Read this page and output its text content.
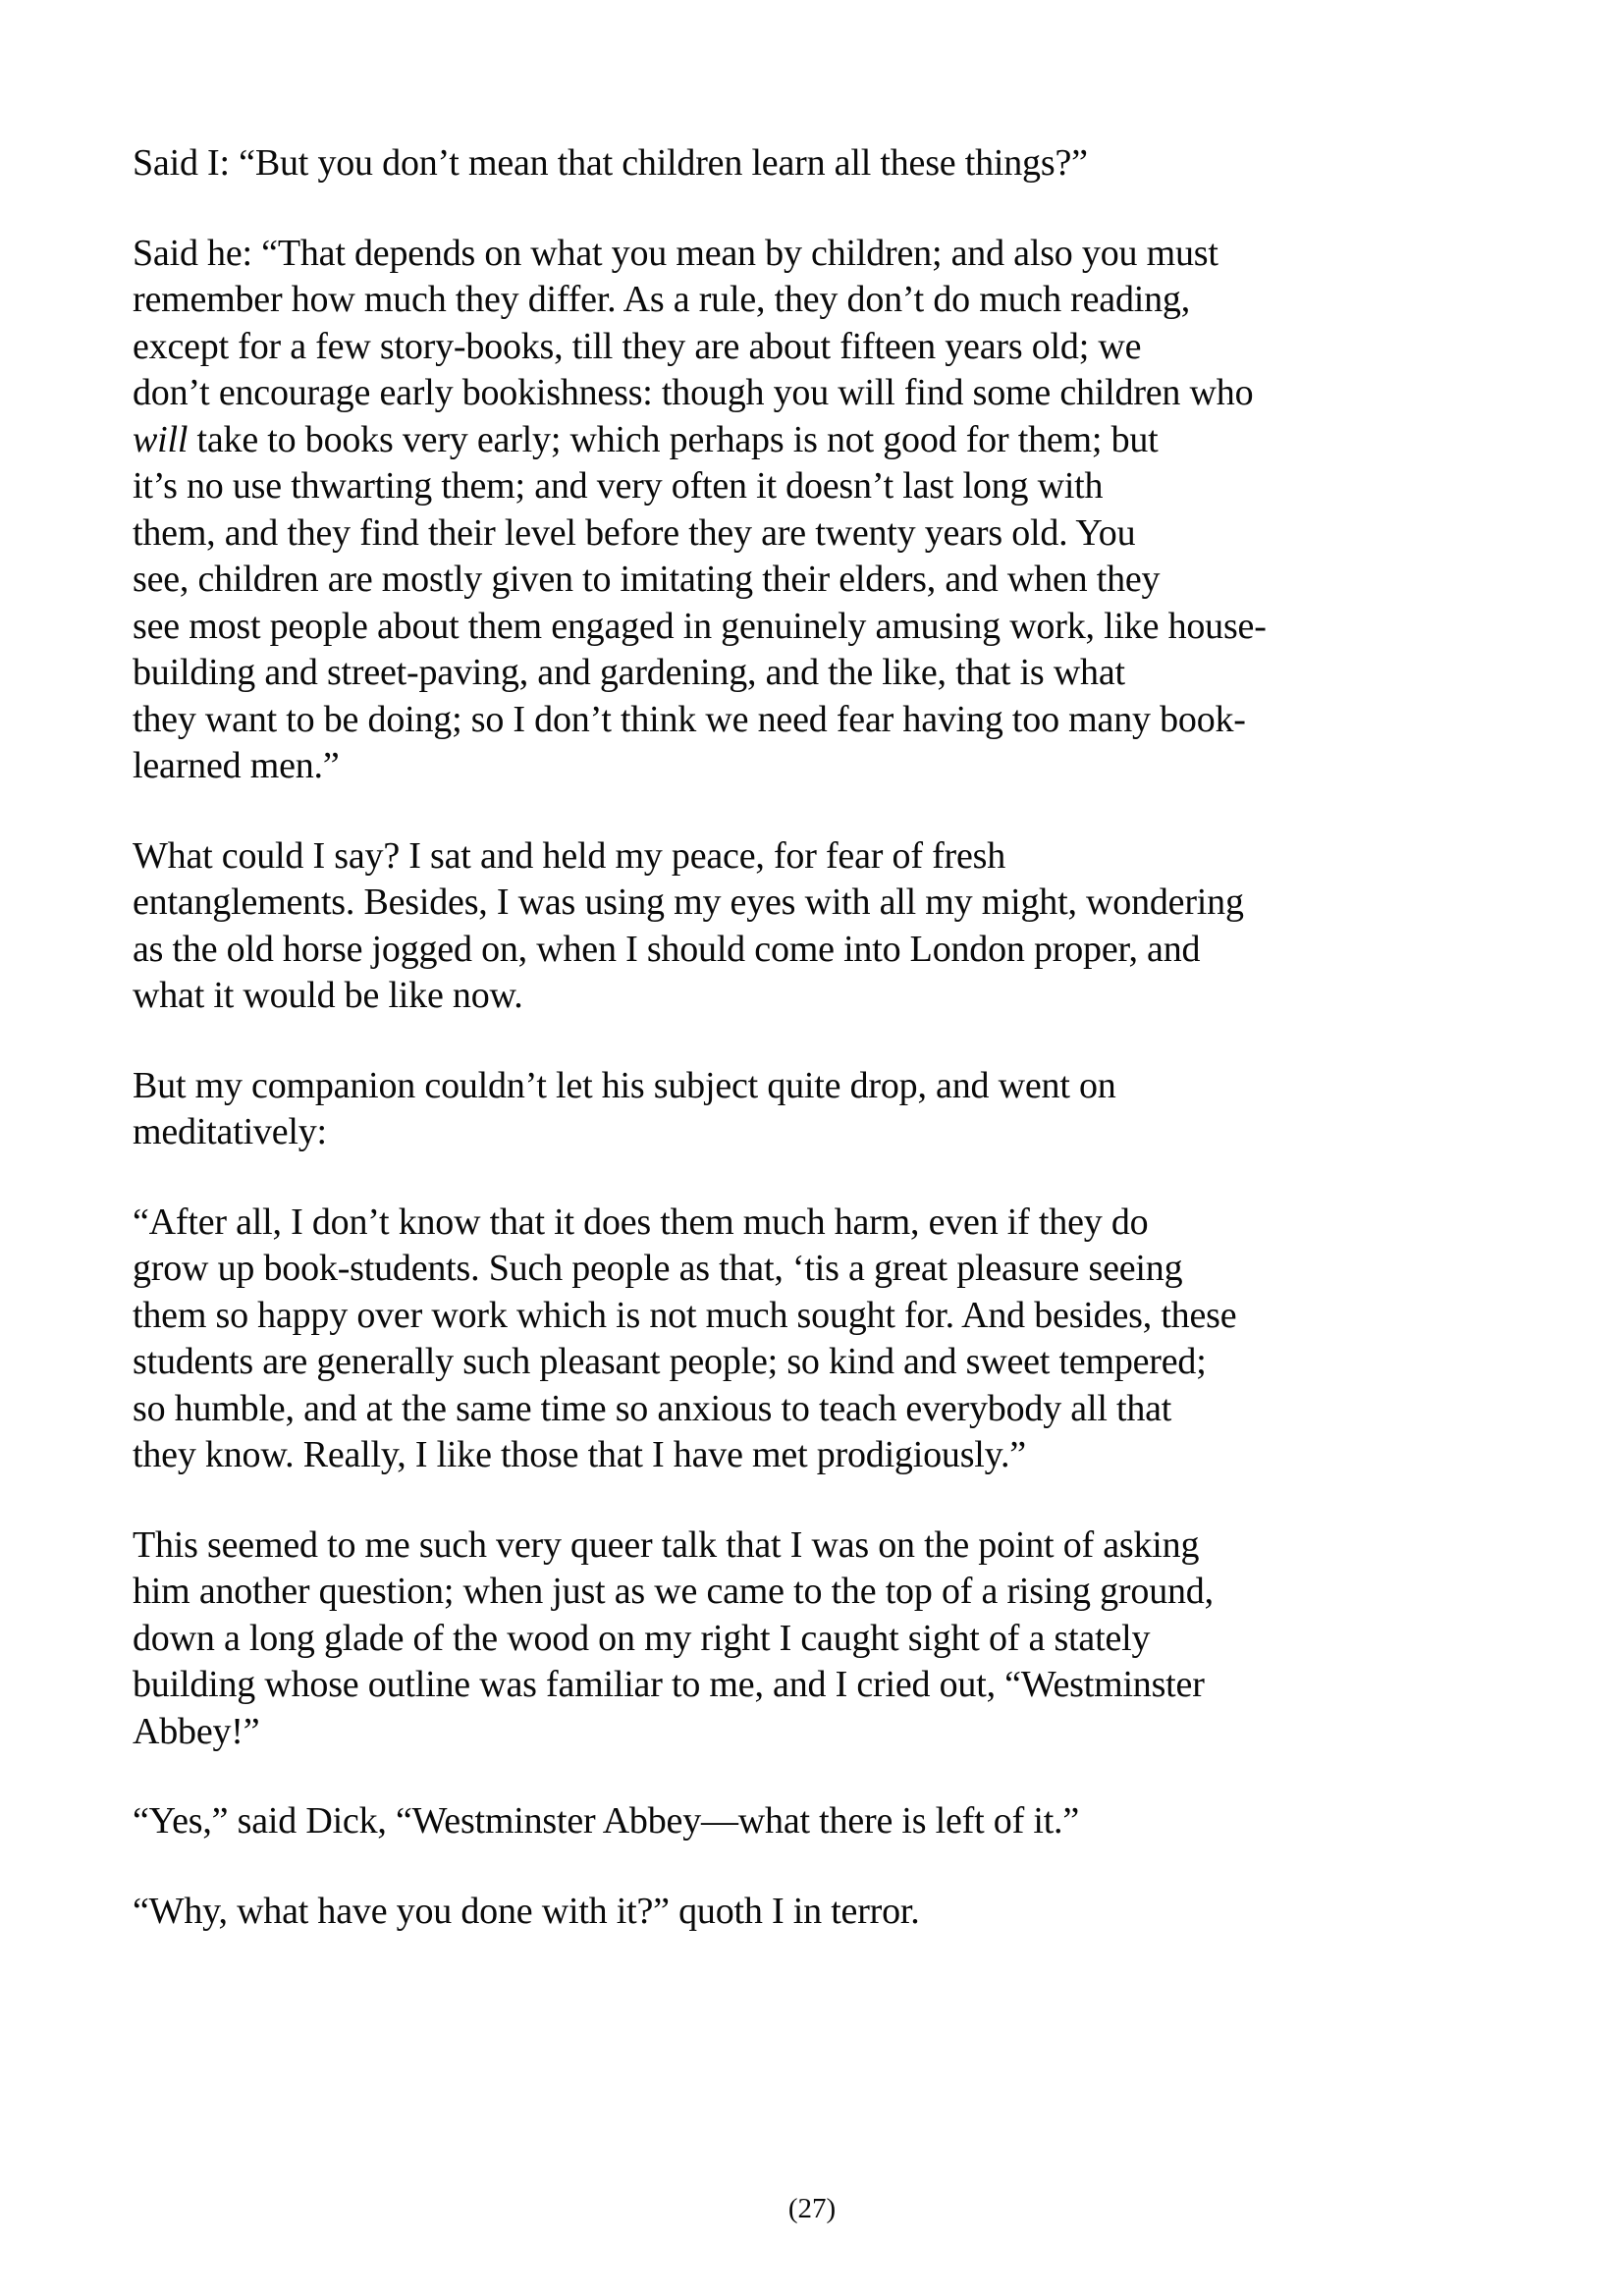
Said I: “But you don’t mean that children learn all these things?”

Said he: “That depends on what you mean by children; and also you must
remember how much they differ. As a rule, they don’t do much reading,
except for a few story-books, till they are about fifteen years old; we
don’t encourage early bookishness: though you will find some children who
will take to books very early; which perhaps is not good for them; but
it’s no use thwarting them; and very often it doesn’t last long with
them, and they find their level before they are twenty years old. You
see, children are mostly given to imitating their elders, and when they
see most people about them engaged in genuinely amusing work, like house-
building and street-paving, and gardening, and the like, that is what
they want to be doing; so I don’t think we need fear having too many book-
learned men.”

What could I say? I sat and held my peace, for fear of fresh
entanglements. Besides, I was using my eyes with all my might, wondering
as the old horse jogged on, when I should come into London proper, and
what it would be like now.

But my companion couldn’t let his subject quite drop, and went on
meditatively:

“After all, I don’t know that it does them much harm, even if they do
grow up book-students. Such people as that, ‘tis a great pleasure seeing
them so happy over work which is not much sought for. And besides, these
students are generally such pleasant people; so kind and sweet tempered;
so humble, and at the same time so anxious to teach everybody all that
they know. Really, I like those that I have met prodigiously.”

This seemed to me such very queer talk that I was on the point of asking
him another question; when just as we came to the top of a rising ground,
down a long glade of the wood on my right I caught sight of a stately
building whose outline was familiar to me, and I cried out, “Westminster
Abbey!”

“Yes,” said Dick, “Westminster Abbey—what there is left of it.”

“Why, what have you done with it?” quoth I in terror.

(27)
